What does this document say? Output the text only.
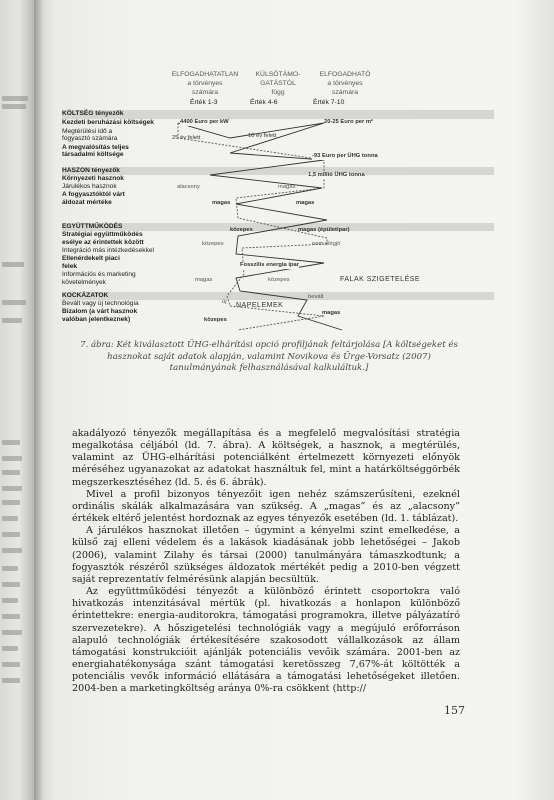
ELFOGADHATATLAN
a törvényes
számára
KÜLSŐTÁMO-
GATÁSTÓL
függ
ELFOGADHATÓ
a törvényes
számára
Érték 1-3	Érték 4-6	Érték 7-10
KÖLTSÉG tényezők
Kezdeti beruházási költségek
Megtérülési idő a
fogyasztó számára
A megvalósítás teljes
társadalmi költsége
HASZON tényezők
Környezeti hasznok
Járulékos hasznok
A fogyasztóktól várt
áldozat mértéke
EGYÜTTMŰKÖDÉS
Stratégiai együttműködés
esélye az érintettek között
Integráció más intézkedésekkel
Ellenérdekelt piaci
felek
Információs és marketing
követelmények
KOCKÁZATOK
Bevált vagy új technológia
Bizalom (a várt hasznok
valóban jelentkeznek)
4400 Euro per kW	20-25 Euro per m²
25 év felett	10 év felett
-93 Euro per ÜHG tonna
1,5 millió ÜHG tonna
alacsony	magas
magas	magas
közepes	magas (épületipar)
közepes	nem elégjó
Fosszilis energia ipar
magas	közepes	FALAK SZIGETELÉSE
NAPELEMEK
bevált
új
közepes
magas
7. ábra: Két kiválasztott ÜHG-elhárítási opció profiljának feltárjolása [A költségeket és hasznokat saját adatok alapján, valamint Novikova és Ürge-Vorsatz (2007) tanulmányának felhasználásával kalkuláltuk.]

akadályozó tényezők megállapítása és a megfelelő megvalósítási stratégia megalkotása céljából (ld. 7. ábra). A költségek, a hasznok, a megtérülés, valamint az ÜHG-elhárítási potenciálként értelmezett környezeti előnyök méréséhez ugyanazokat az adatokat használtuk fel, mint a határköltséggörbék megszerkesztéséhez (ld. 5. és 6. ábrák).

Mivel a profil bizonyos tényezőit igen nehéz számszerűsíteni, ezeknél ordinális skálák alkalmazására van szükség. A „magas” és az „alacsony” értékek eltérő jelentést hordoznak az egyes tényezők esetében (ld. 1. táblázat).

A járulékos hasznokat illetően – úgymint a kényelmi szint emelkedése, a külső zaj elleni védelem és a lakások kiadásának jobb lehetőségei – Jakob (2006), valamint Zilahy és társai (2000) tanulmányára támaszkodtunk; a fogyasztók részéről szükséges áldozatok mértékét pedig a 2010-ben végzett saját reprezentatív felmérésünk alapján becsültük.

Az együttműködési tényezőt a különböző érintett csoportokra való hivatkozás intenzitásával mértük (pl. hivatkozás a honlapon különböző érintettekre: energia-auditorokra, támogatási programokra, illetve pályázatíró szervezetekre). A hőszigetelési technológiák vagy a megújuló erőforráson alapuló technológiák értékesítésére szakosodott vállalkozások az állam támogatási konstrukcióit ajánlják potenciális vevőik számára. 2001-ben az energiahatékonysága szánt támogatási keretösszeg 7,67%-át költötték a potenciális vevők információ ellátására a támogatási lehetőségeket illetően. 2004-ben a marketingköltség aránya 0%-ra csökkent (http://

157
